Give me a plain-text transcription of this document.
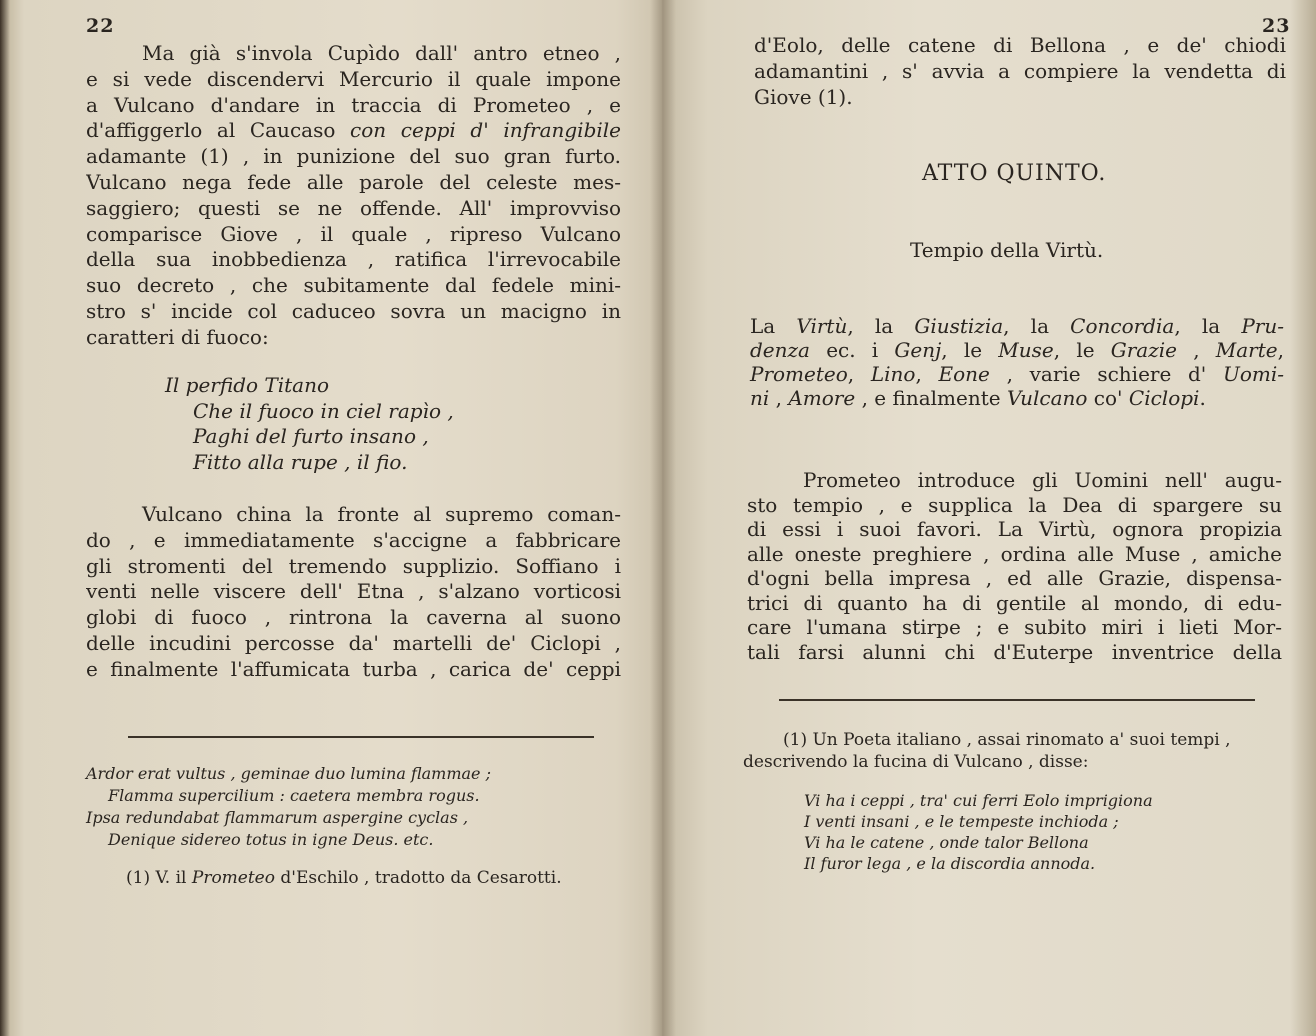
22
Ma già s'invola Cupìdo dall' antro etneo ,
e si vede discendervi Mercurio il quale impone
a Vulcano d'andare in traccia di Prometeo , e
d'affiggerlo al Caucaso con ceppi d' infrangibile
adamante (1) , in punizione del suo gran furto.
Vulcano nega fede alle parole del celeste mes-
saggiero; questi se ne offende. All' improvviso
comparisce Giove , il quale , ripreso Vulcano
della sua inobbedienza , ratifica l'irrevocabile
suo decreto , che subitamente dal fedele mini-
stro s' incide col caduceo sovra un macigno in
caratteri di fuoco:
Il perfido Titano
Che il fuoco in ciel rapìo ,
Paghi del furto insano ,
Fitto alla rupe , il fio.
Vulcano china la fronte al supremo coman-
do , e immediatamente s'accigne a fabbricare
gli stromenti del tremendo supplizio. Soffiano i
venti nelle viscere dell' Etna , s'alzano vorticosi
globi di fuoco , rintrona la caverna al suono
delle incudini percosse da' martelli de' Ciclopi ,
e finalmente l'affumicata turba , carica de' ceppi
Ardor erat vultus , geminae duo lumina flammae ;
Flamma supercilium : caetera membra rogus.
Ipsa redundabat flammarum aspergine cyclas ,
Denique sidereo totus in igne Deus. etc.
(1) V. il Prometeo d'Eschilo , tradotto da Cesarotti.
23
d'Eolo, delle catene di Bellona , e de' chiodi
adamantini , s' avvia a compiere la vendetta di
Giove (1).
ATTO QUINTO.
Tempio della Virtù.
La Virtù, la Giustizia, la Concordia, la Pru-
denza ec. i Genj, le Muse, le Grazie , Marte,
Prometeo, Lino, Eone , varie schiere d' Uomi-
ni , Amore , e finalmente Vulcano co' Ciclopi.
Prometeo introduce gli Uomini nell' augu-
sto tempio , e supplica la Dea di spargere su
di essi i suoi favori. La Virtù, ognora propizia
alle oneste preghiere , ordina alle Muse , amiche
d'ogni bella impresa , ed alle Grazie, dispensa-
trici di quanto ha di gentile al mondo, di edu-
care l'umana stirpe ; e subito miri i lieti Mor-
tali farsi alunni chi d'Euterpe inventrice della
(1) Un Poeta italiano , assai rinomato a' suoi tempi ,
descrivendo la fucina di Vulcano , disse:
Vi ha i ceppi , tra' cui ferri Eolo imprigiona
I venti insani , e le tempeste inchioda ;
Vi ha le catene , onde talor Bellona
Il furor lega , e la discordia annoda.
